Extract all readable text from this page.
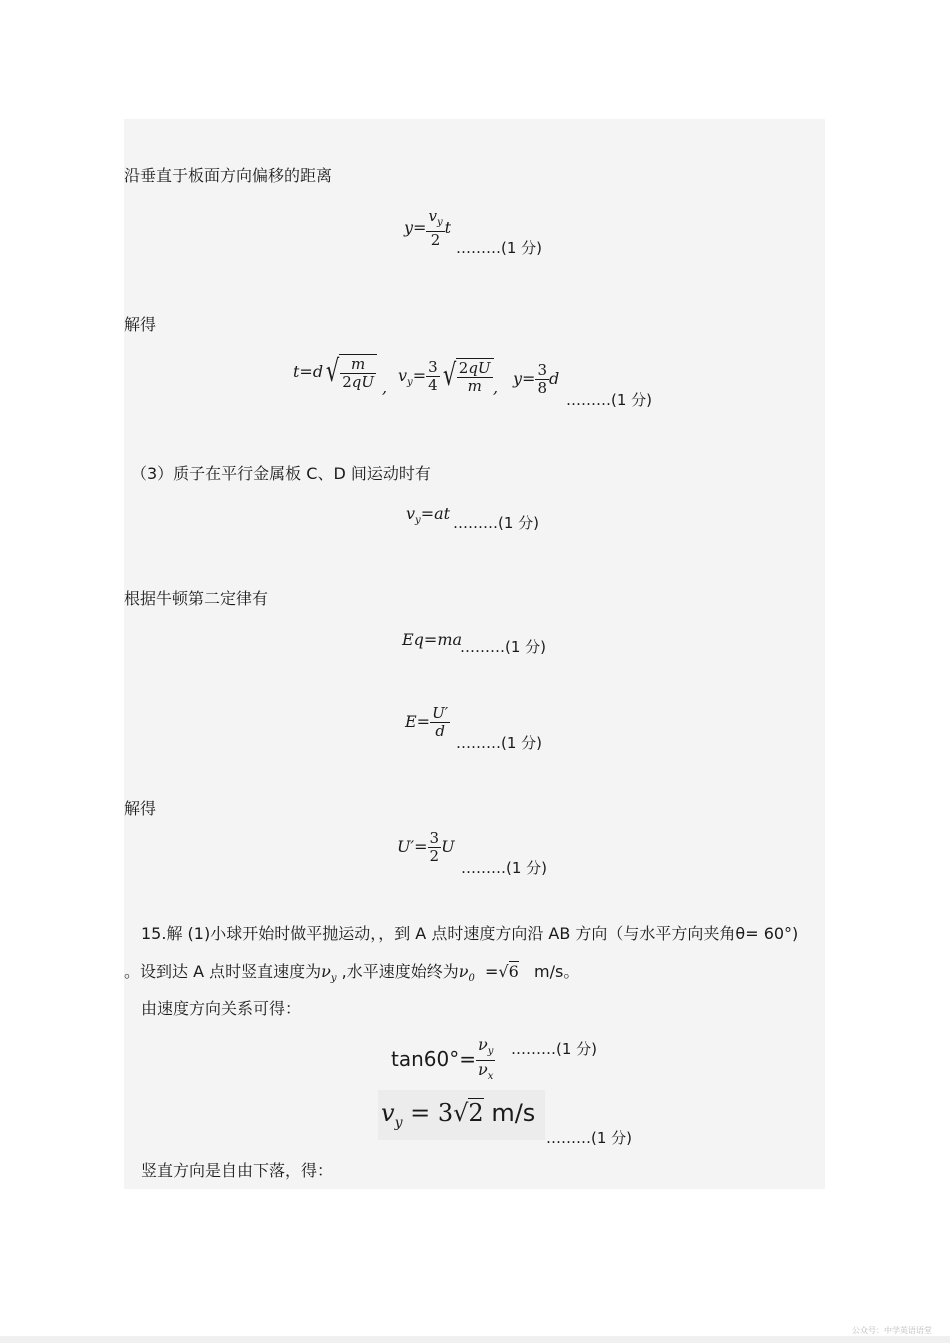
沿垂直于板面方向偏移的距离
$y= \frac{v_y}{2}$ t
………(1 分)
解得
t=d √ $\frac{m}{2qU}$ ,
$v_y= \frac{3}{4}$ √ $\frac{2qU}{m}$ , $y= \frac{3}{8}$ d
………(1 分)
（3）质子在平行金属板 C、D 间运动时有
$v_y=at$ ………(1 分)
根据牛顿第二定律有
Eq=ma
………(1 分)
$E= \frac{U'}{d}$
………(1 分)
解得
$U'= \frac{3}{2}$ U
………(1 分)
15.解 (1)小球开始时做平抛运动，，到 A 点时速度方向沿 AB 方向（与水平方向夹角θ= 60°)
。设到达 A 点时竖直速度为$\nu_y$ ,水平速度始终为$\nu_0 =√6$ m/s。
由速度方向关系可得：
$\tan 60^\circ= \frac{\nu_y}{\nu_x}$ ………(1 分)
$v_y = 3√2$ m/s
………(1 分)
竖直方向是自由下落，得：
公众号：中学英语语堂
